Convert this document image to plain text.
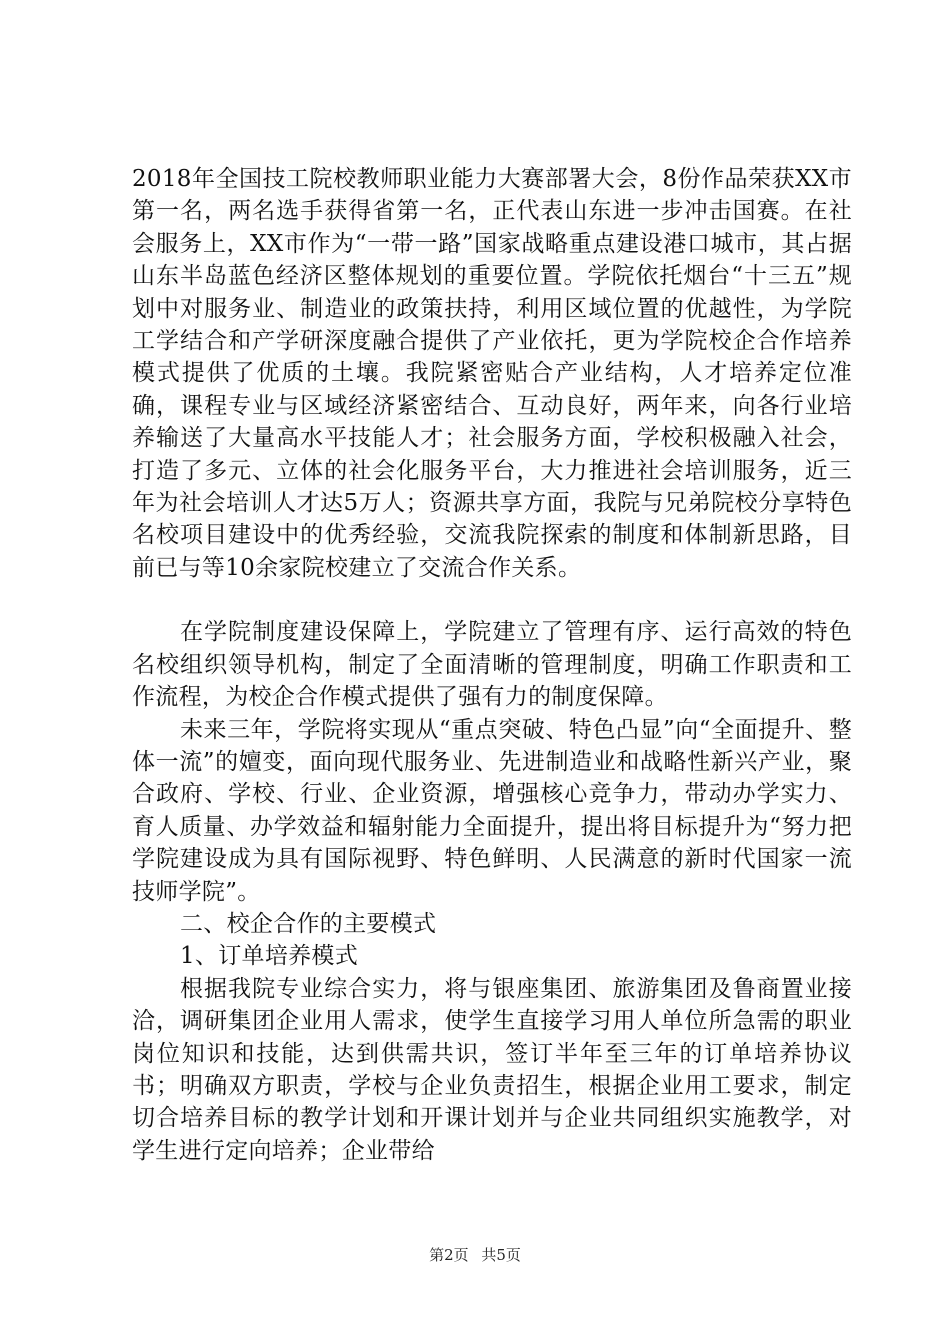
2018年全国技工院校教师职业能力大赛部署大会，8份作品荣获XX市第一名，两名选手获得省第一名，正代表山东进一步冲击国赛。在社会服务上，XX市作为“一带一路”国家战略重点建设港口城市，其占据山东半岛蓝色经济区整体规划的重要位置。学院依托烟台“十三五”规划中对服务业、制造业的政策扶持，利用区域位置的优越性，为学院工学结合和产学研深度融合提供了产业依托，更为学院校企合作培养模式提供了优质的土壤。我院紧密贴合产业结构，人才培养定位准确，课程专业与区域经济紧密结合、互动良好，两年来，向各行业培养输送了大量高水平技能人才；社会服务方面，学校积极融入社会，打造了多元、立体的社会化服务平台，大力推进社会培训服务，近三年为社会培训人才达5万人；资源共享方面，我院与兄弟院校分享特色名校项目建设中的优秀经验，交流我院探索的制度和体制新思路，目前已与等10余家院校建立了交流合作关系。

在学院制度建设保障上，学院建立了管理有序、运行高效的特色名校组织领导机构，制定了全面清晰的管理制度，明确工作职责和工作流程，为校企合作模式提供了强有力的制度保障。

未来三年，学院将实现从“重点突破、特色凸显”向“全面提升、整体一流”的嬗变，面向现代服务业、先进制造业和战略性新兴产业，聚合政府、学校、行业、企业资源，增强核心竞争力，带动办学实力、育人质量、办学效益和辐射能力全面提升，提出将目标提升为“努力把学院建设成为具有国际视野、特色鲜明、人民满意的新时代国家一流技师学院”。

二、校企合作的主要模式

1、订单培养模式

根据我院专业综合实力，将与银座集团、旅游集团及鲁商置业接洽，调研集团企业用人需求，使学生直接学习用人单位所急需的职业岗位知识和技能，达到供需共识，签订半年至三年的订单培养协议书；明确双方职责，学校与企业负责招生，根据企业用工要求，制定切合培养目标的教学计划和开课计划并与企业共同组织实施教学，对学生进行定向培养；企业带给

第2页 共5页
